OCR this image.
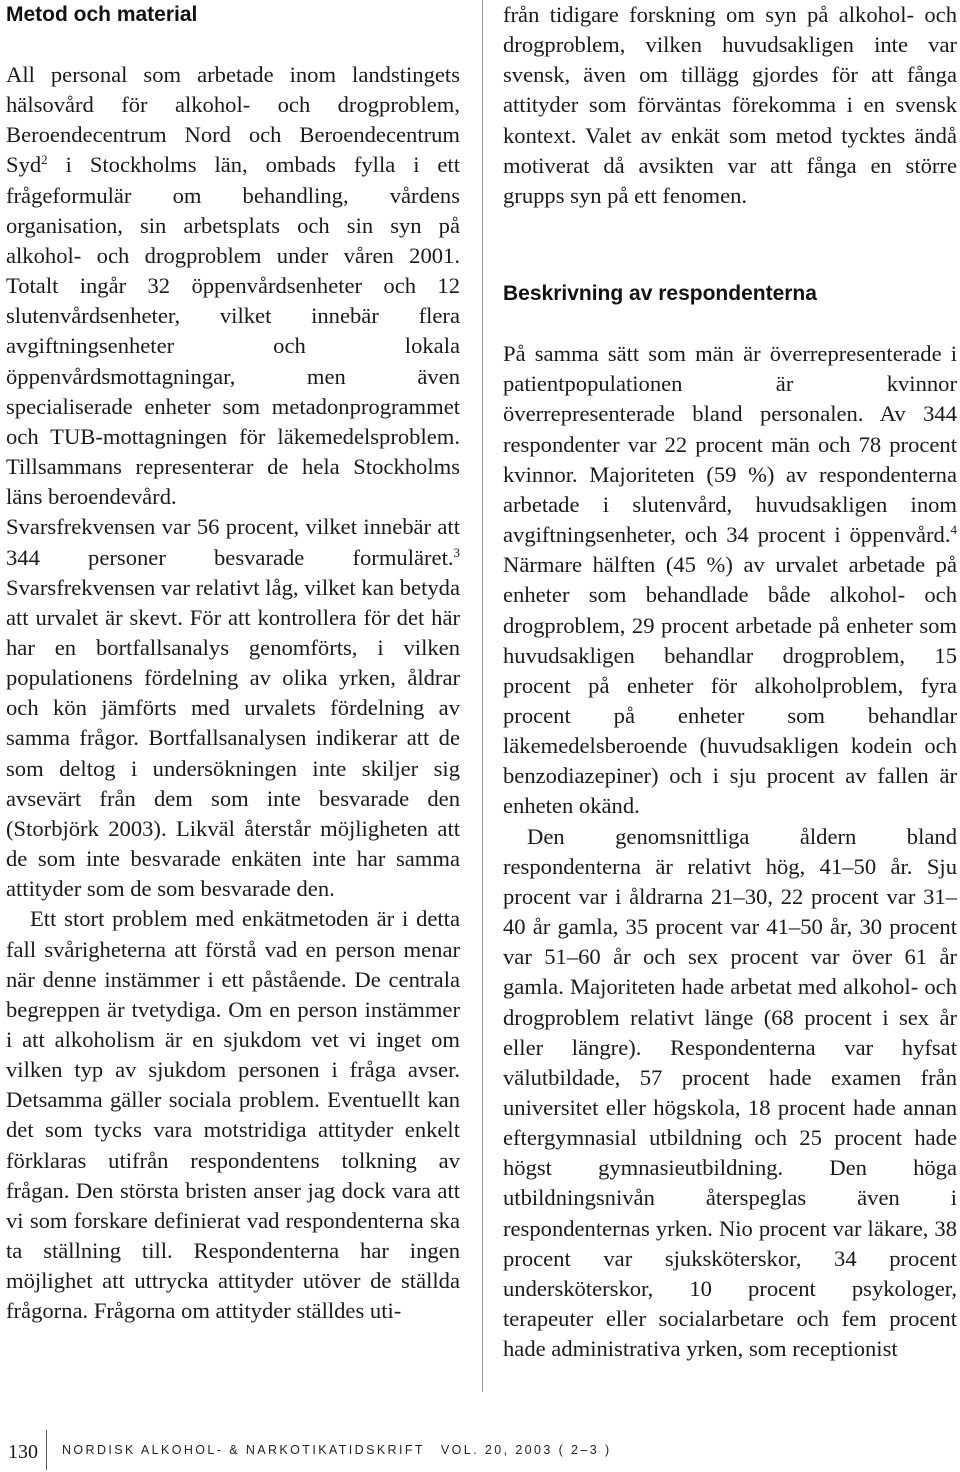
Metod och material

All personal som arbetade inom landstingets hälsovård för alkohol- och drogproblem, Beroendecentrum Nord och Beroendecentrum Syd$^2$ i Stockholms län, ombads fylla i ett frågeformulär om behandling, vårdens organisation, sin arbetsplats och sin syn på alkohol- och drogproblem under våren 2001. Totalt ingår 32 öppenvårdsenheter och 12 slutenvårdsenheter, vilket innebär flera avgiftningsenheter och lokala öppenvårdsmottagningar, men även specialiserade enheter som metadonprogrammet och TUB-mottagningen för läkemedelsproblem. Tillsammans representerar de hela Stockholms läns beroendevård.

Svarsfrekvensen var 56 procent, vilket innebär att 344 personer besvarade formuläret.$^3$ Svarsfrekvensen var relativt låg, vilket kan betyda att urvalet är skevt. För att kontrollera för det här har en bortfallsanalys genomförts, i vilken populationens fördelning av olika yrken, åldrar och kön jämförts med urvalets fördelning av samma frågor. Bortfallsanalysen indikerar att de som deltog i undersökningen inte skiljer sig avsevärt från dem som inte besvarade den (Storbjörk 2003). Likväl återstår möjligheten att de som inte besvarade enkäten inte har samma attityder som de som besvarade den.

Ett stort problem med enkätmetoden är i detta fall svårigheterna att förstå vad en person menar när denne instämmer i ett påstående. De centrala begreppen är tvetydiga. Om en person instämmer i att alkoholism är en sjukdom vet vi inget om vilken typ av sjukdom personen i fråga avser. Detsamma gäller sociala problem. Eventuellt kan det som tycks vara motstridiga attityder enkelt förklaras utifrån respondentens tolkning av frågan. Den största bristen anser jag dock vara att vi som forskare definierat vad respondenterna ska ta ställning till. Respondenterna har ingen möjlighet att uttrycka attityder utöver de ställda frågorna. Frågorna om attityder ställdes uti-

från tidigare forskning om syn på alkohol- och drogproblem, vilken huvudsakligen inte var svensk, även om tillägg gjordes för att fånga attityder som förväntas förekomma i en svensk kontext. Valet av enkät som metod tycktes ändå motiverat då avsikten var att fånga en större grupps syn på ett fenomen.

Beskrivning av respondenterna

På samma sätt som män är överrepresenterade i patientpopulationen är kvinnor överrepresenterade bland personalen. Av 344 respondenter var 22 procent män och 78 procent kvinnor. Majoriteten (59 %) av respondenterna arbetade i slutenvård, huvudsakligen inom avgiftningsenheter, och 34 procent i öppenvård.$^4$ Närmare hälften (45 %) av urvalet arbetade på enheter som behandlade både alkohol- och drogproblem, 29 procent arbetade på enheter som huvudsakligen behandlar drogproblem, 15 procent på enheter för alkoholproblem, fyra procent på enheter som behandlar läkemedelsberoende (huvudsakligen kodein och benzodiazepiner) och i sju procent av fallen är enheten okänd.

Den genomsnittliga åldern bland respondenterna är relativt hög, 41–50 år. Sju procent var i åldrarna 21–30, 22 procent var 31–40 år gamla, 35 procent var 41–50 år, 30 procent var 51–60 år och sex procent var över 61 år gamla. Majoriteten hade arbetat med alkohol- och drogproblem relativt länge (68 procent i sex år eller längre). Respondenterna var hyfsat välutbildade, 57 procent hade examen från universitet eller högskola, 18 procent hade annan eftergymnasial utbildning och 25 procent hade högst gymnasieutbildning. Den höga utbildningsnivån återspeglas även i respondenternas yrken. Nio procent var läkare, 38 procent var sjuksköterskor, 34 procent undersköterskor, 10 procent psykologer, terapeuter eller socialarbetare och fem procent hade administrativa yrken, som receptionist

130 NORDISK ALKOHOL- & NARKOTIKATIDSKRIFT VOL. 20, 2003 ( 2–3 )
